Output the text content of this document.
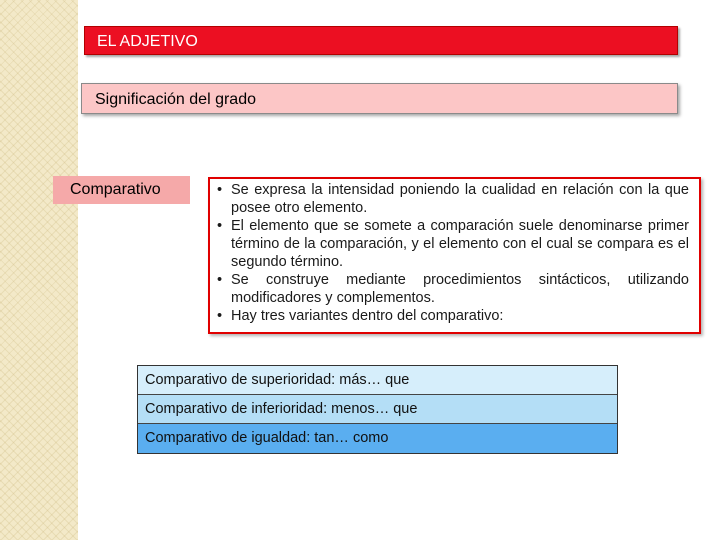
EL ADJETIVO
Significación del grado
Comparativo	• Se expresa la intensidad poniendo la cualidad en relación con la que posee otro elemento.
• El elemento que se somete a comparación suele denominarse primer término de la comparación, y el elemento con el cual se compara es el segundo término.
• Se construye mediante procedimientos sintácticos, utilizando modificadores y complementos.
• Hay tres variantes dentro del comparativo:
Comparativo de superioridad: más… que
Comparativo de inferioridad: menos… que
Comparativo de igualdad: tan… como
